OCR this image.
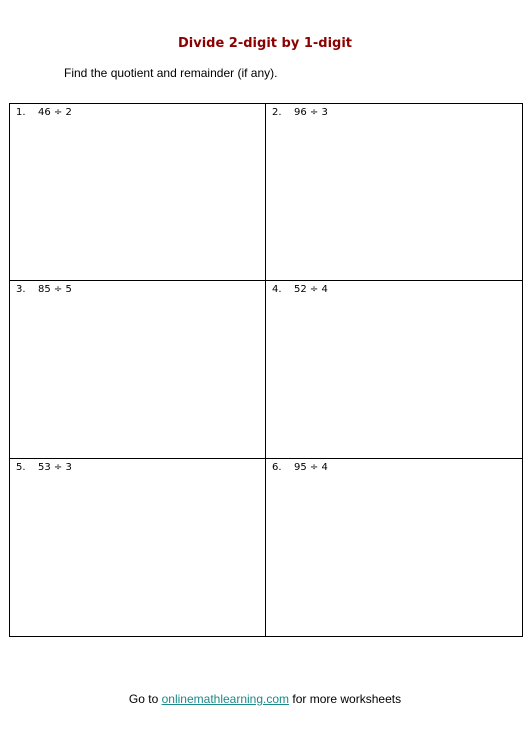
Divide 2-digit by 1-digit
Find the quotient and remainder (if any).
1. 46 ÷ 2	2. 96 ÷ 3
3. 85 ÷ 5	4. 52 ÷ 4
5. 53 ÷ 3	6. 95 ÷ 4
Go to onlinemathlearning.com for more worksheets
